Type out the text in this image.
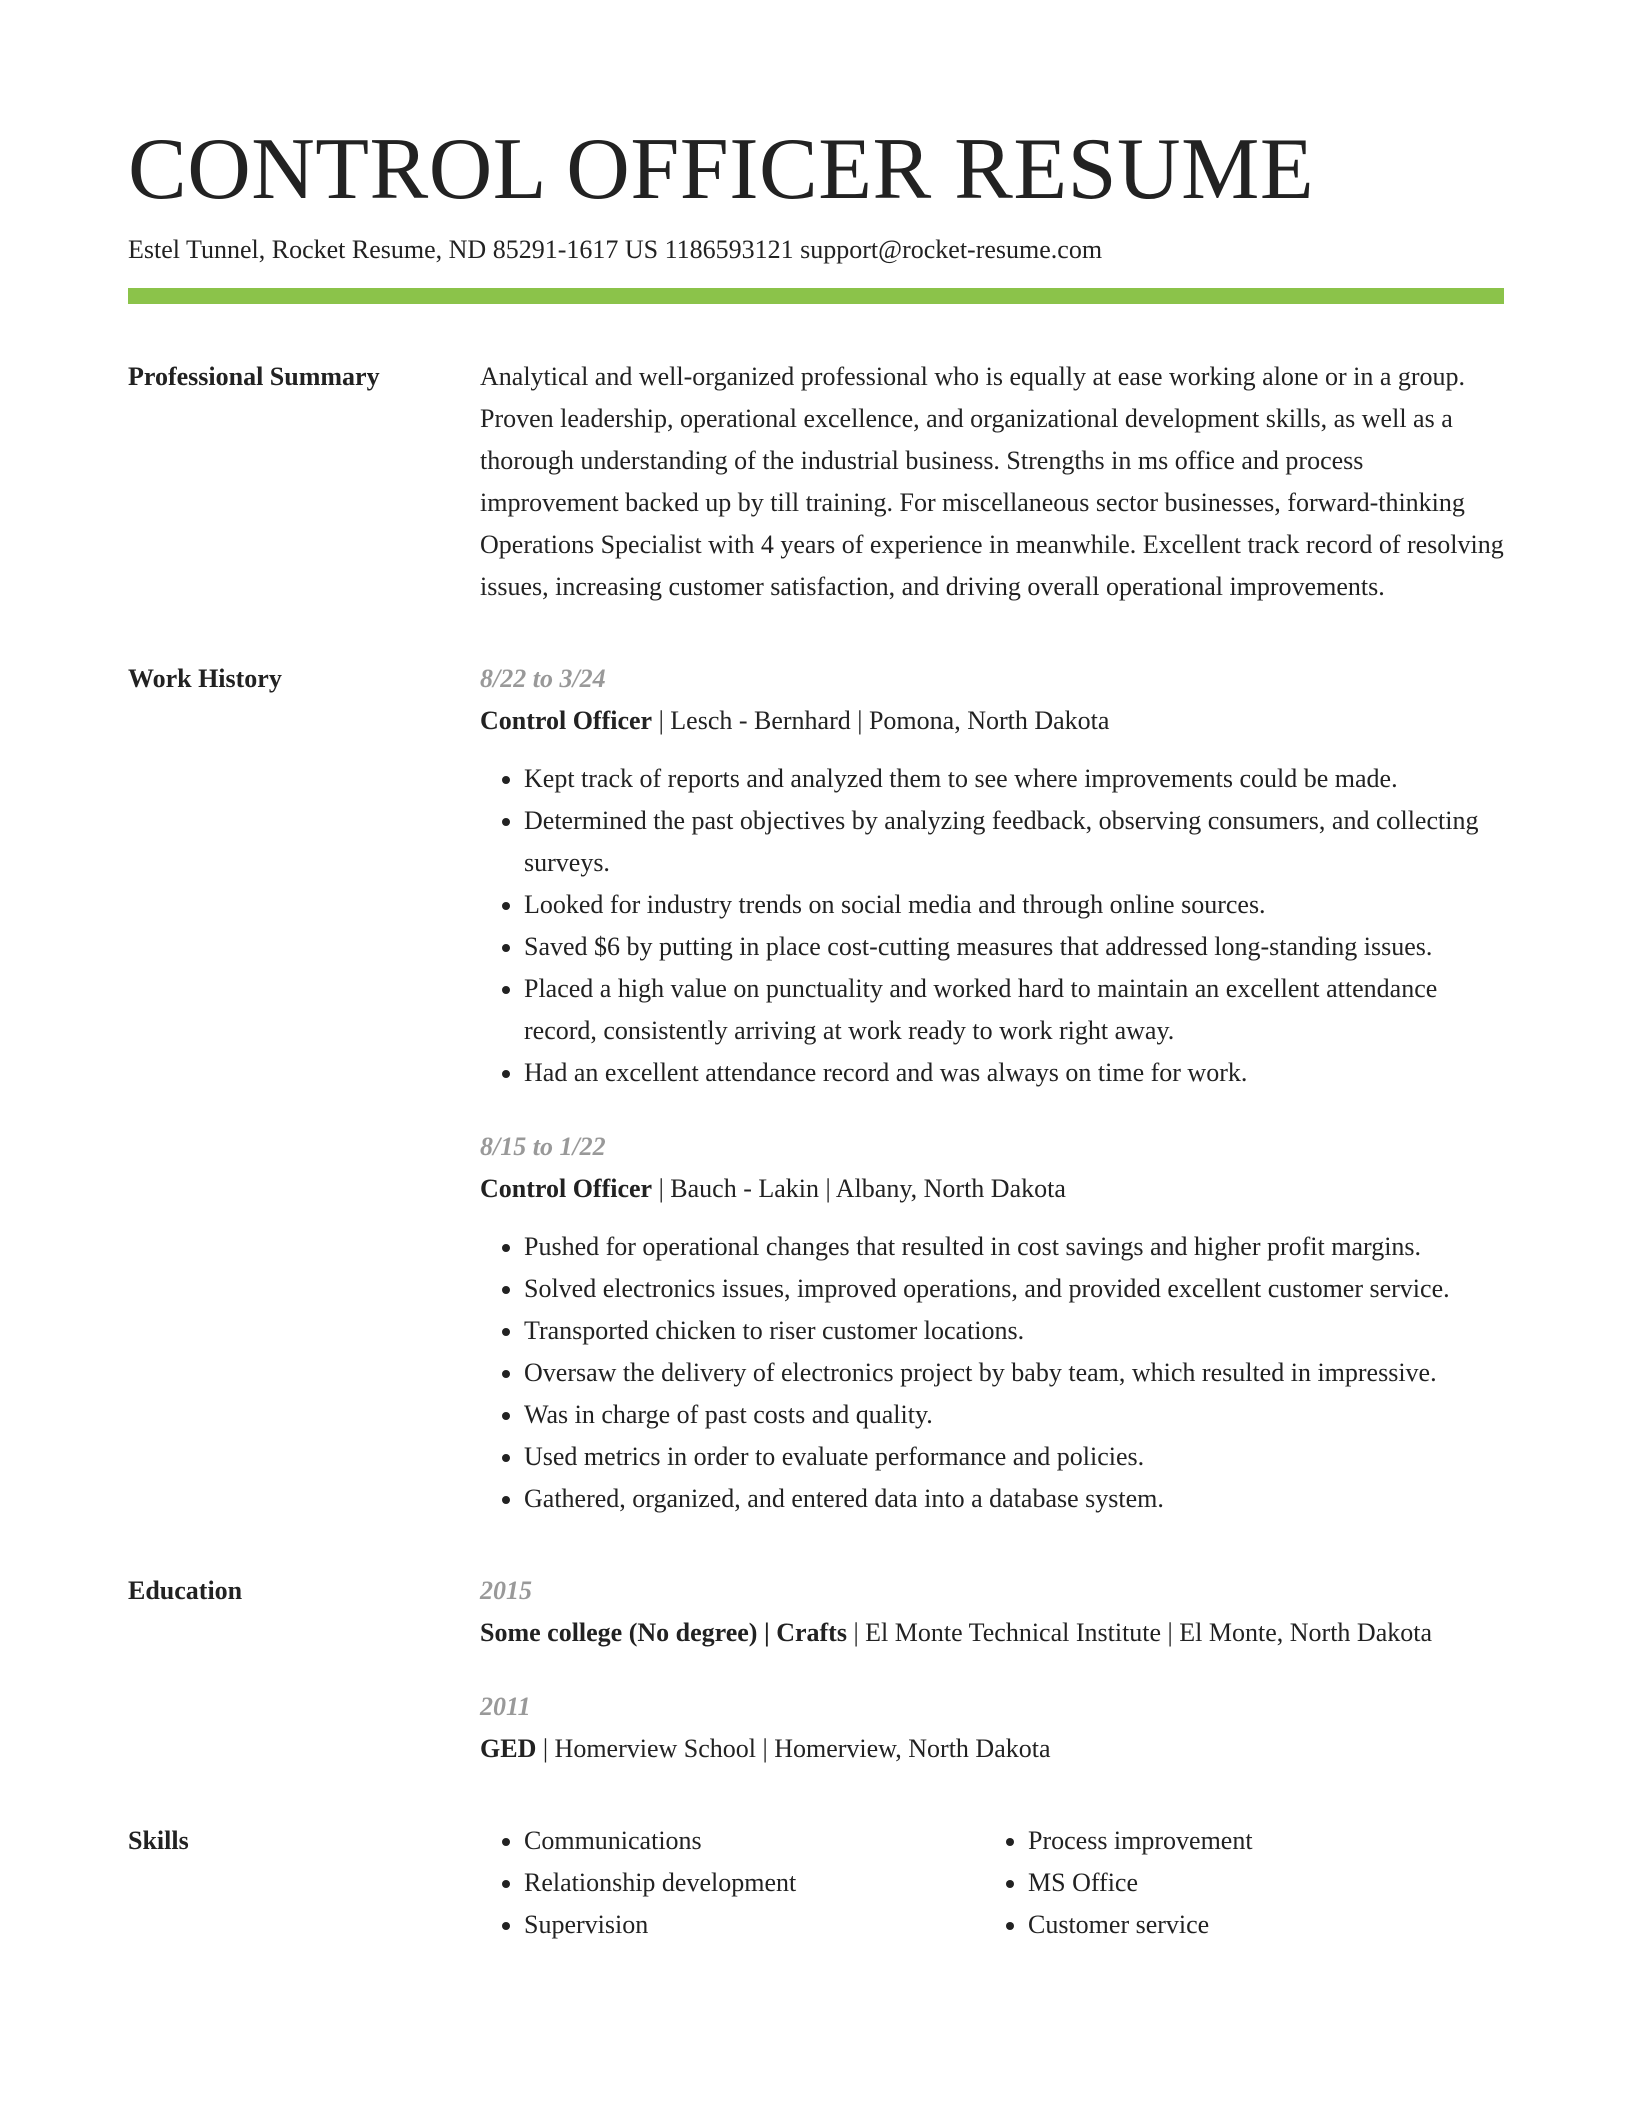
CONTROL OFFICER RESUME
Estel Tunnel, Rocket Resume, ND 85291-1617 US 1186593121 support@rocket-resume.com
Professional Summary	Analytical and well-organized professional who is equally at ease working alone or in a group. Proven leadership, operational excellence, and organizational development skills, as well as a thorough understanding of the industrial business. Strengths in ms office and process improvement backed up by till training. For miscellaneous sector businesses, forward-thinking Operations Specialist with 4 years of experience in meanwhile. Excellent track record of resolving issues, increasing customer satisfaction, and driving overall operational improvements.

Work History	8/22 to 3/24

Control Officer | Lesch - Bernhard | Pomona, North Dakota

• Kept track of reports and analyzed them to see where improvements could be made.
• Determined the past objectives by analyzing feedback, observing consumers, and collecting surveys.
• Looked for industry trends on social media and through online sources.
• Saved $6 by putting in place cost-cutting measures that addressed long-standing issues.
• Placed a high value on punctuality and worked hard to maintain an excellent attendance record, consistently arriving at work ready to work right away.
• Had an excellent attendance record and was always on time for work.
8/15 to 1/22

Control Officer | Bauch - Lakin | Albany, North Dakota

• Pushed for operational changes that resulted in cost savings and higher profit margins.
• Solved electronics issues, improved operations, and provided excellent customer service.
• Transported chicken to riser customer locations.
• Oversaw the delivery of electronics project by baby team, which resulted in impressive.
• Was in charge of past costs and quality.
• Used metrics in order to evaluate performance and policies.
• Gathered, organized, and entered data into a database system.
Education	2015

Some college (No degree) | Crafts | El Monte Technical Institute | El Monte, North Dakota

2011

GED | Homerview School | Homerview, North Dakota

Skills
•	Communications
• Relationship development
• Supervision
• Process improvement
• MS Office
• Customer service
